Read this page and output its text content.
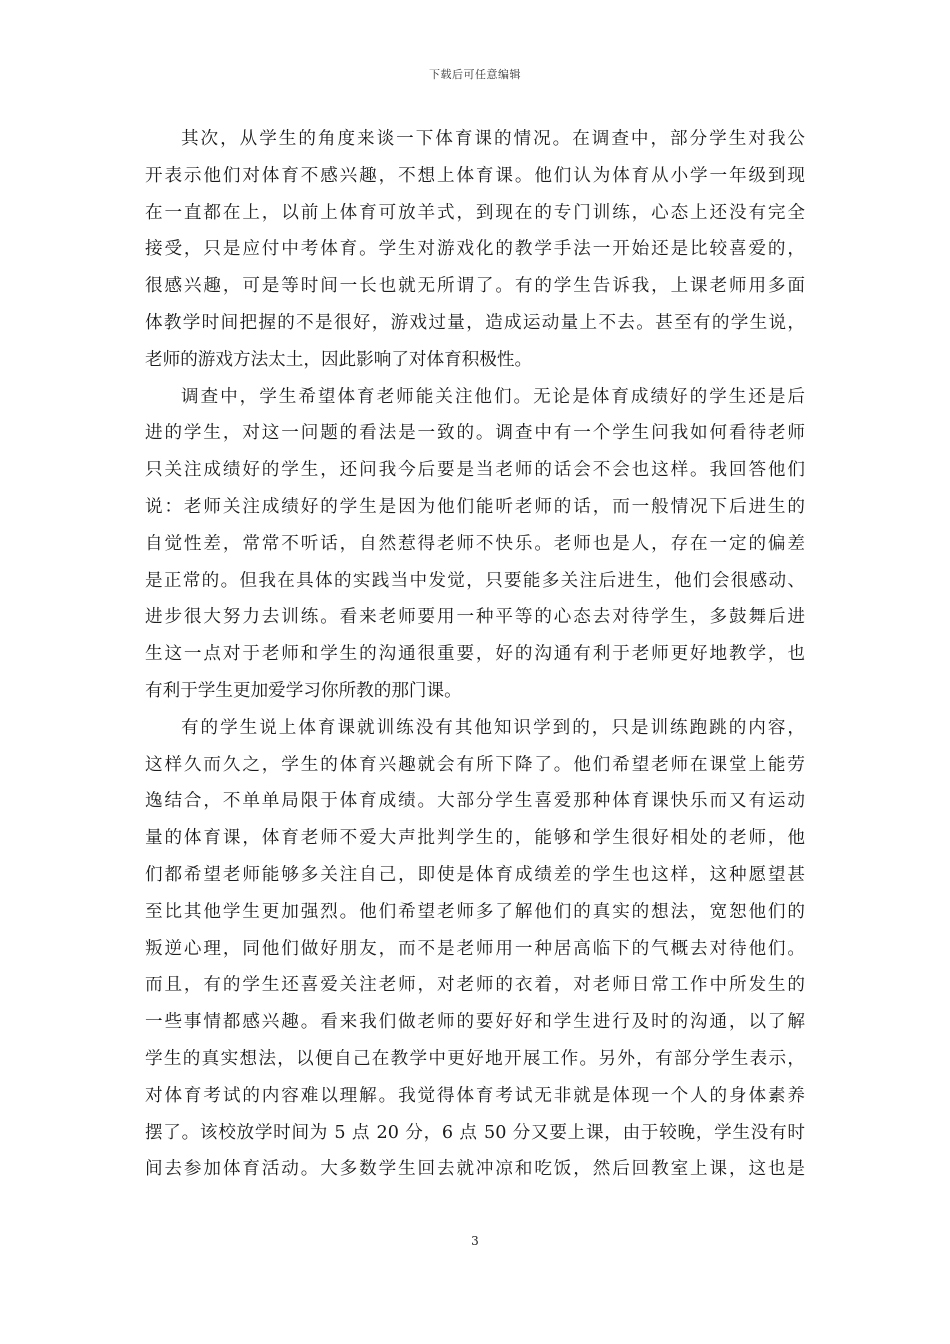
下载后可任意编辑
其次，从学生的角度来谈一下体育课的情况。在调查中，部分学生对我公
开表示他们对体育不感兴趣，不想上体育课。他们认为体育从小学一年级到现
在一直都在上，以前上体育可放羊式，到现在的专门训练，心态上还没有完全
接受，只是应付中考体育。学生对游戏化的教学手法一开始还是比较喜爱的，
很感兴趣，可是等时间一长也就无所谓了。有的学生告诉我，上课老师用多面
体教学时间把握的不是很好，游戏过量，造成运动量上不去。甚至有的学生说，
老师的游戏方法太土，因此影响了对体育积极性。
调查中，学生希望体育老师能关注他们。无论是体育成绩好的学生还是后
进的学生，对这一问题的看法是一致的。调查中有一个学生问我如何看待老师
只关注成绩好的学生，还问我今后要是当老师的话会不会也这样。我回答他们
说：老师关注成绩好的学生是因为他们能听老师的话，而一般情况下后进生的
自觉性差，常常不听话，自然惹得老师不快乐。老师也是人，存在一定的偏差
是正常的。但我在具体的实践当中发觉，只要能多关注后进生，他们会很感动、
进步很大努力去训练。看来老师要用一种平等的心态去对待学生，多鼓舞后进
生这一点对于老师和学生的沟通很重要，好的沟通有利于老师更好地教学，也
有利于学生更加爱学习你所教的那门课。
有的学生说上体育课就训练没有其他知识学到的，只是训练跑跳的内容，
这样久而久之，学生的体育兴趣就会有所下降了。他们希望老师在课堂上能劳
逸结合，不单单局限于体育成绩。大部分学生喜爱那种体育课快乐而又有运动
量的体育课，体育老师不爱大声批判学生的，能够和学生很好相处的老师，他
们都希望老师能够多关注自己，即使是体育成绩差的学生也这样，这种愿望甚
至比其他学生更加强烈。他们希望老师多了解他们的真实的想法，宽恕他们的
叛逆心理，同他们做好朋友，而不是老师用一种居高临下的气概去对待他们。
而且，有的学生还喜爱关注老师，对老师的衣着，对老师日常工作中所发生的
一些事情都感兴趣。看来我们做老师的要好好和学生进行及时的沟通，以了解
学生的真实想法，以便自己在教学中更好地开展工作。另外，有部分学生表示，
对体育考试的内容难以理解。我觉得体育考试无非就是体现一个人的身体素养
摆了。该校放学时间为 5 点 20 分，6 点 50 分又要上课，由于较晚，学生没有时
间去参加体育活动。大多数学生回去就冲凉和吃饭，然后回教室上课，这也是
3
